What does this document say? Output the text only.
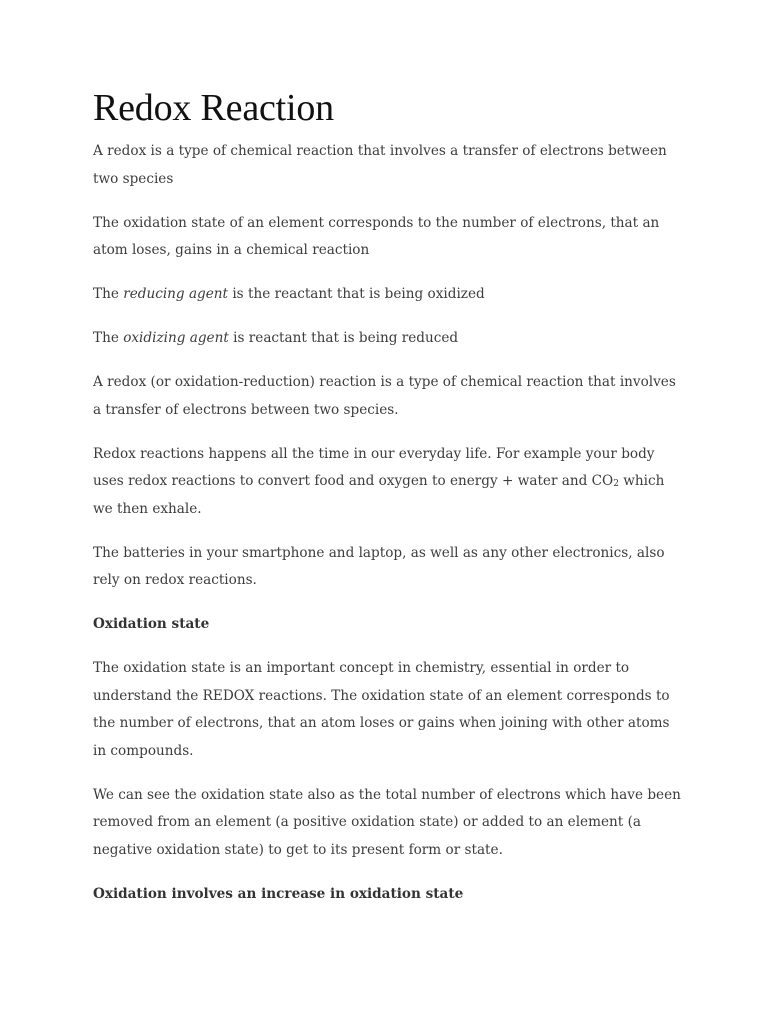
Redox Reaction

A redox is a type of chemical reaction that involves a transfer of electrons between two species

The oxidation state of an element corresponds to the number of electrons, that an atom loses, gains in a chemical reaction

The reducing agent is the reactant that is being oxidized

The oxidizing agent is reactant that is being reduced

A redox (or oxidation-reduction) reaction is a type of chemical reaction that involves a transfer of electrons between two species.

Redox reactions happens all the time in our everyday life. For example your body uses redox reactions to convert food and oxygen to energy + water and $CO_2$ which we then exhale.

The batteries in your smartphone and laptop, as well as any other electronics, also rely on redox reactions.

Oxidation state

The oxidation state is an important concept in chemistry, essential in order to understand the REDOX reactions. The oxidation state of an element corresponds to the number of electrons, that an atom loses or gains when joining with other atoms in compounds.

We can see the oxidation state also as the total number of electrons which have been removed from an element (a positive oxidation state) or added to an element (a negative oxidation state) to get to its present form or state.

Oxidation involves an increase in oxidation state
